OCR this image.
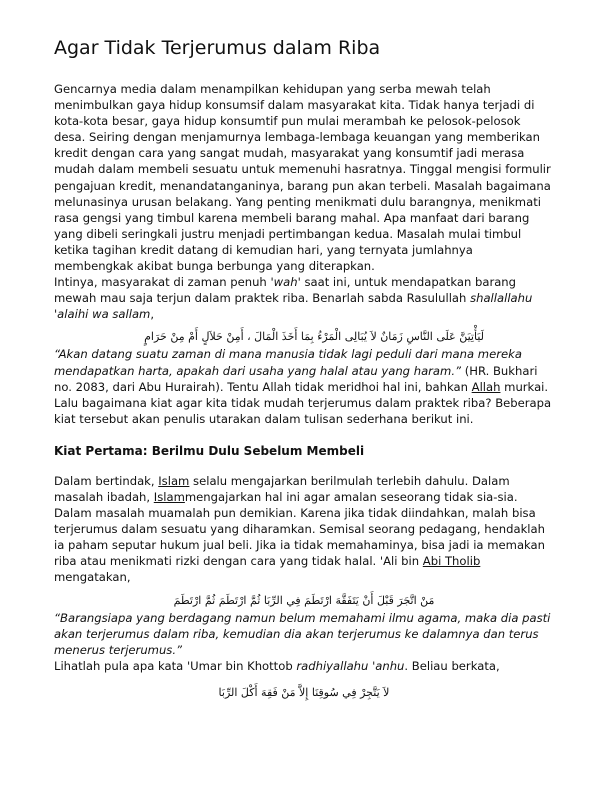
Agar Tidak Terjerumus dalam Riba

Gencarnya media dalam menampilkan kehidupan yang serba mewah telah menimbulkan gaya hidup konsumsif dalam masyarakat kita. Tidak hanya terjadi di kota-kota besar, gaya hidup konsumtif pun mulai merambah ke pelosok-pelosok desa. Seiring dengan menjamurnya lembaga-lembaga keuangan yang memberikan kredit dengan cara yang sangat mudah, masyarakat yang konsumtif jadi merasa mudah dalam membeli sesuatu untuk memenuhi hasratnya. Tinggal mengisi formulir pengajuan kredit, menandatanganinya, barang pun akan terbeli. Masalah bagaimana melunasinya urusan belakang. Yang penting menikmati dulu barangnya, menikmati rasa gengsi yang timbul karena membeli barang mahal. Apa manfaat dari barang yang dibeli seringkali justru menjadi pertimbangan kedua. Masalah mulai timbul ketika tagihan kredit datang di kemudian hari, yang ternyata jumlahnya membengkak akibat bunga berbunga yang diterapkan.

Intinya, masyarakat di zaman penuh 'wah' saat ini, untuk mendapatkan barang mewah mau saja terjun dalam praktek riba. Benarlah sabda Rasulullah shallallahu 'alaihi wa sallam,

لَيَأْتِيَنَّ عَلَى النَّاسِ زَمَانٌ لاَ يُبَالِى الْمَرْءُ بِمَا أَخَذَ الْمَالَ ، أَمِنْ حَلاَلٍ أَمْ مِنْ حَرَامٍ

“Akan datang suatu zaman di mana manusia tidak lagi peduli dari mana mereka mendapatkan harta, apakah dari usaha yang halal atau yang haram.” (HR. Bukhari no. 2083, dari Abu Hurairah). Tentu Allah tidak meridhoi hal ini, bahkan Allah murkai. Lalu bagaimana kiat agar kita tidak mudah terjerumus dalam praktek riba? Beberapa kiat tersebut akan penulis utarakan dalam tulisan sederhana berikut ini.

Kiat Pertama: Berilmu Dulu Sebelum Membeli

Dalam bertindak, Islam selalu mengajarkan berilmulah terlebih dahulu. Dalam masalah ibadah, Islammengajarkan hal ini agar amalan seseorang tidak sia-sia. Dalam masalah muamalah pun demikian. Karena jika tidak diindahkan, malah bisa terjerumus dalam sesuatu yang diharamkan. Semisal seorang pedagang, hendaklah ia paham seputar hukum jual beli. Jika ia tidak memahaminya, bisa jadi ia memakan riba atau menikmati rizki dengan cara yang tidak halal. 'Ali bin Abi Tholib mengatakan,

مَنْ اتَّجَرَ قَبْلَ أَنْ يَتَفَقَّهَ ارْتَطَمَ فِي الرِّبَا ثُمَّ ارْتَطَمَ ثُمَّ ارْتَطَمَ

“Barangsiapa yang berdagang namun belum memahami ilmu agama, maka dia pasti akan terjerumus dalam riba, kemudian dia akan terjerumus ke dalamnya dan terus menerus terjerumus.”

Lihatlah pula apa kata 'Umar bin Khottob radhiyallahu 'anhu. Beliau berkata,

لاَ يَتَّجِرْ فِي سُوقِنَا إِلاَّ مَنْ فَقِهَ أَكْلَ الرِّبَا
